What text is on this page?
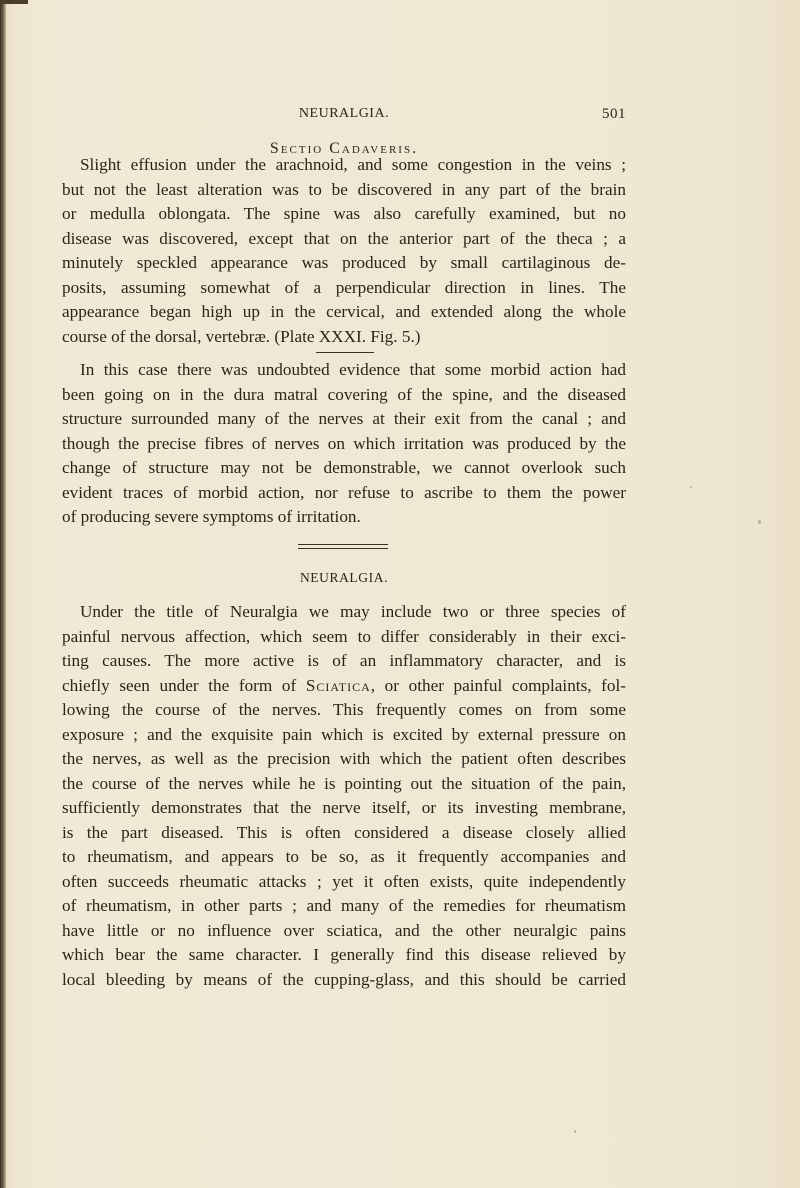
NEURALGIA.	501
Sectio Cadaveris.
Slight effusion under the arachnoid, and some congestion in the veins ;
but not the least alteration was to be discovered in any part of the brain
or medulla oblongata. The spine was also carefully examined, but no
disease was discovered, except that on the anterior part of the theca ; a
minutely speckled appearance was produced by small cartilaginous de-
posits, assuming somewhat of a perpendicular direction in lines. The
appearance began high up in the cervical, and extended along the whole
course of the dorsal, vertebræ. (Plate XXXI. Fig. 5.)
In this case there was undoubted evidence that some morbid action had
been going on in the dura matral covering of the spine, and the diseased
structure surrounded many of the nerves at their exit from the canal ; and
though the precise fibres of nerves on which irritation was produced by the
change of structure may not be demonstrable, we cannot overlook such
evident traces of morbid action, nor refuse to ascribe to them the power
of producing severe symptoms of irritation.
NEURALGIA.
Under the title of Neuralgia we may include two or three species of
painful nervous affection, which seem to differ considerably in their exci-
ting causes. The more active is of an inflammatory character, and is
chiefly seen under the form of Sciatica, or other painful complaints, fol-
lowing the course of the nerves. This frequently comes on from some
exposure ; and the exquisite pain which is excited by external pressure on
the nerves, as well as the precision with which the patient often describes
the course of the nerves while he is pointing out the situation of the pain,
sufficiently demonstrates that the nerve itself, or its investing membrane,
is the part diseased. This is often considered a disease closely allied
to rheumatism, and appears to be so, as it frequently accompanies and
often succeeds rheumatic attacks ; yet it often exists, quite independently
of rheumatism, in other parts ; and many of the remedies for rheumatism
have little or no influence over sciatica, and the other neuralgic pains
which bear the same character. I generally find this disease relieved by
local bleeding by means of the cupping-glass, and this should be carried
